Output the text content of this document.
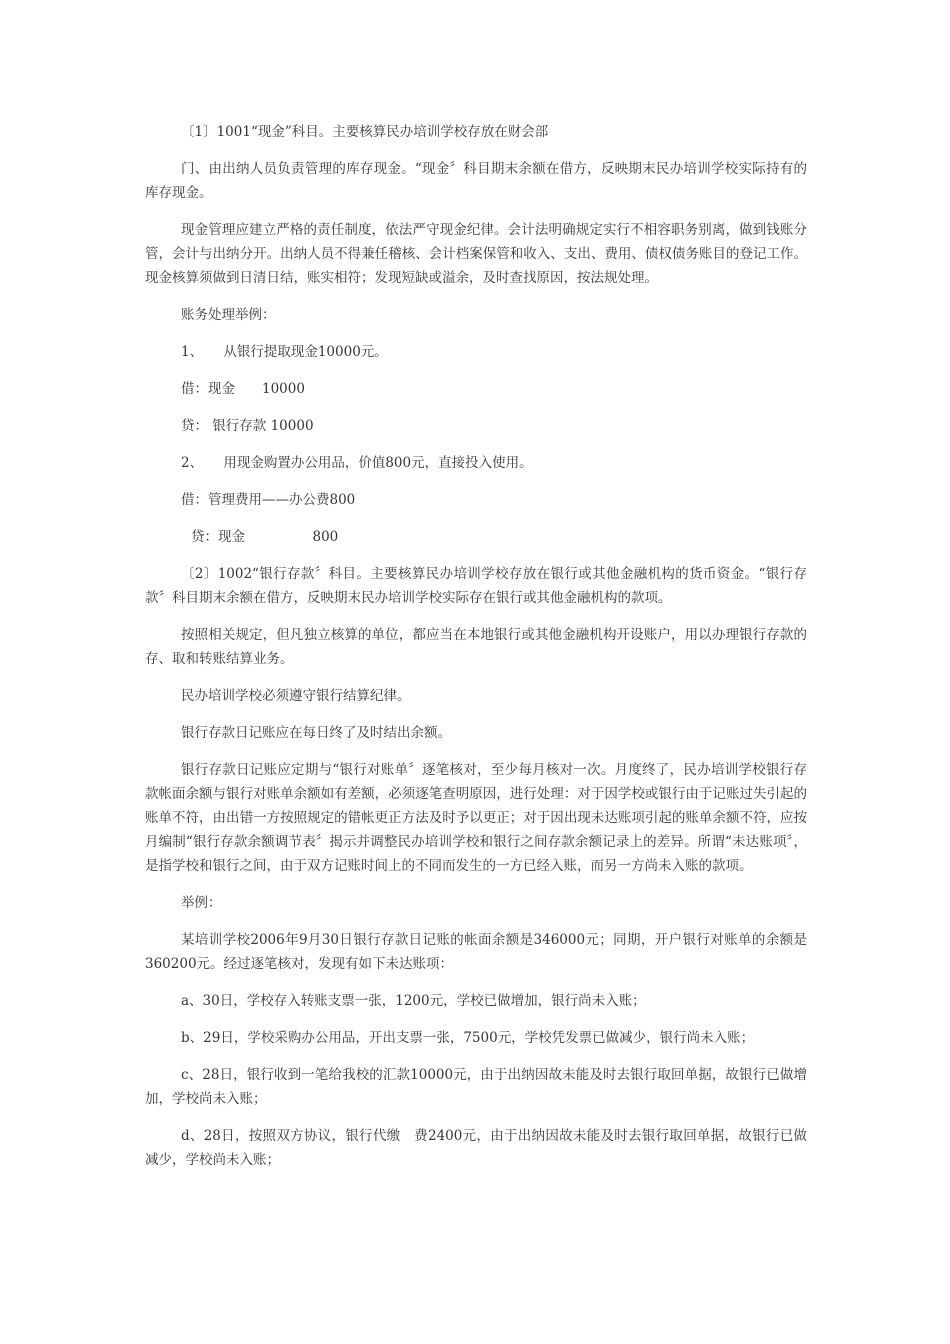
〔1〕1001“现金”科目。主要核算民办培训学校存放在财会部

门、由出纳人员负责管理的库存现金。“现金〞科目期末余额在借方，反映期末民办培训学校实际持有的库存现金。

现金管理应建立严格的责任制度，依法严守现金纪律。会计法明确规定实行不相容职务别离，做到钱账分管，会计与出纳分开。出纳人员不得兼任稽核、会计档案保管和收入、支出、费用、债权债务账目的登记工作。现金核算须做到日清日结，账实相符；发现短缺或溢余，及时查找原因，按法规处理。

账务处理举例：

1、　　从银行提取现金10000元。

借：现金　　10000

贷： 银行存款 10000

2、　　用现金购置办公用品，价值800元，直接投入使用。

借：管理费用——办公费800

贷：现金　　　　　800

〔2〕1002“银行存款〞科目。主要核算民办培训学校存放在银行或其他金融机构的货币资金。“银行存款〞科目期末余额在借方，反映期末民办培训学校实际存在银行或其他金融机构的款项。

按照相关规定，但凡独立核算的单位，都应当在本地银行或其他金融机构开设账户，用以办理银行存款的存、取和转账结算业务。

民办培训学校必须遵守银行结算纪律。

银行存款日记账应在每日终了及时结出余额。

银行存款日记账应定期与“银行对账单〞逐笔核对，至少每月核对一次。月度终了，民办培训学校银行存款帐面余额与银行对账单余额如有差额，必须逐笔查明原因，进行处理：对于因学校或银行由于记账过失引起的账单不符，由出错一方按照规定的错帐更正方法及时予以更正；对于因出现未达账项引起的账单余额不符，应按月编制“银行存款余额调节表〞揭示并调整民办培训学校和银行之间存款余额记录上的差异。所谓“未达账项〞，是指学校和银行之间，由于双方记账时间上的不同而发生的一方已经入账，而另一方尚未入账的款项。

举例：

某培训学校2006年9月30日银行存款日记账的帐面余额是346000元；同期，开户银行对账单的余额是360200元。经过逐笔核对，发现有如下未达账项：

a、30日，学校存入转账支票一张，1200元，学校已做增加，银行尚未入账；

b、29日，学校采购办公用品，开出支票一张，7500元，学校凭发票已做减少，银行尚未入账；

c、28日，银行收到一笔给我校的汇款10000元，由于出纳因故未能及时去银行取回单据，故银行已做增加，学校尚未入账；

d、28日，按照双方协议，银行代缴　费2400元，由于出纳因故未能及时去银行取回单据，故银行已做减少，学校尚未入账；
